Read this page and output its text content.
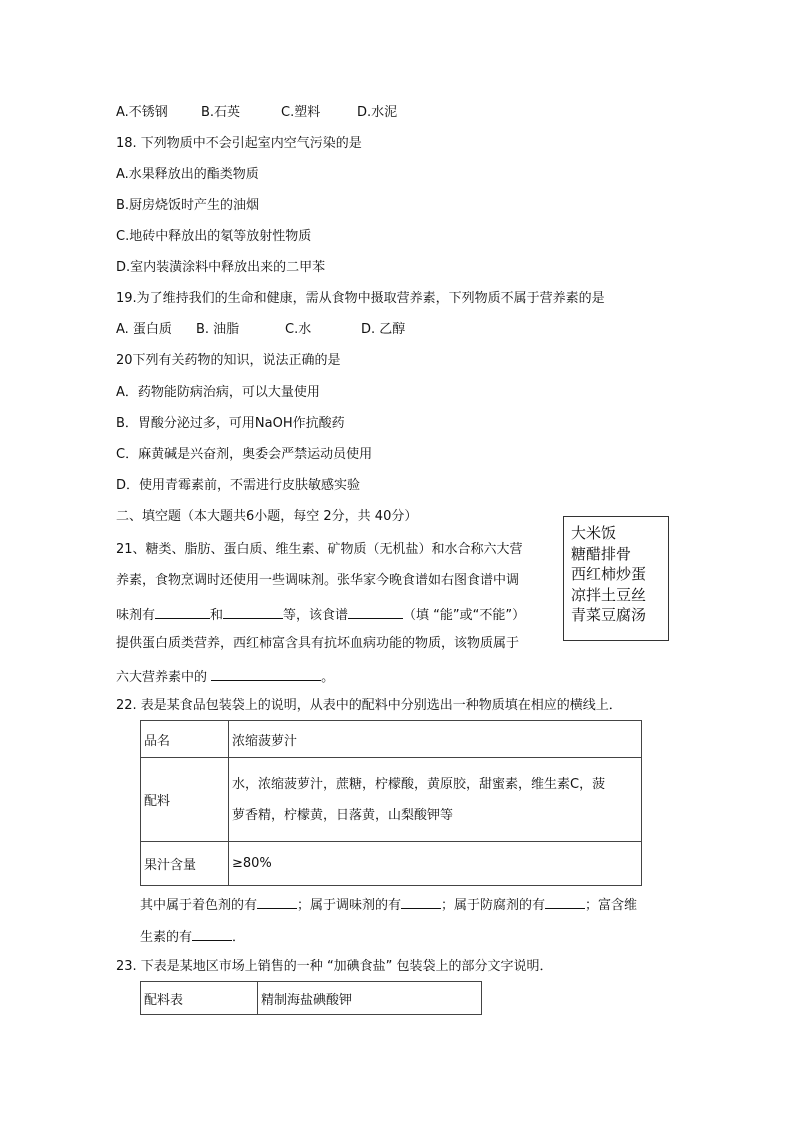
A.不锈钢	B.石英	C.塑料	D.水泥
18. 下列物质中不会引起室内空气污染的是
A.水果释放出的酯类物质
B.厨房烧饭时产生的油烟
C.地砖中释放出的氡等放射性物质
D.室内装潢涂料中释放出来的二甲苯
19.为了维持我们的生命和健康，需从食物中摄取营养素，下列物质不属于营养素的是
A. 蛋白质 B. 油脂	C.水	D. 乙醇
20下列有关药物的知识，说法正确的是
A．药物能防病治病，可以大量使用
B．胃酸分泌过多，可用NaOH作抗酸药
C．麻黄碱是兴奋剂，奥委会严禁运动员使用
D．使用青霉素前，不需进行皮肤敏感实验
二、填空题（本大题共6小题，每空 2分，共 40分）
21、糖类、脂肪、蛋白质、维生素、矿物质（无机盐）和水合称六大营
养素，食物烹调时还使用一些调味剂。张华家今晚食谱如右图食谱中调
味剂有	和	等，该食谱	（填 “能”或“不能”）
提供蛋白质类营养，西红柿富含具有抗坏血病功能的物质，该物质属于
六大营养素中的	。
大米饭
糖醋排骨
西红柿炒蛋
凉拌土豆丝
青菜豆腐汤
22. 表是某食品包装袋上的说明，从表中的配料中分别选出一种物质填在相应的横线上．
品名	浓缩菠萝汁
配料	水，浓缩菠萝汁，蔗糖，柠檬酸，黄原胶，甜蜜素，维生素C，菠
萝香精，柠檬黄，日落黄，山梨酸钾等

果汁含量	≥80%
其中属于着色剂的有	；属于调味剂的有	；属于防腐剂的有	；富含维
生素的有	．
23. 下表是某地区市场上销售的一种 “加碘食盐” 包装袋上的部分文字说明．
配料表	精制海盐碘酸钾
